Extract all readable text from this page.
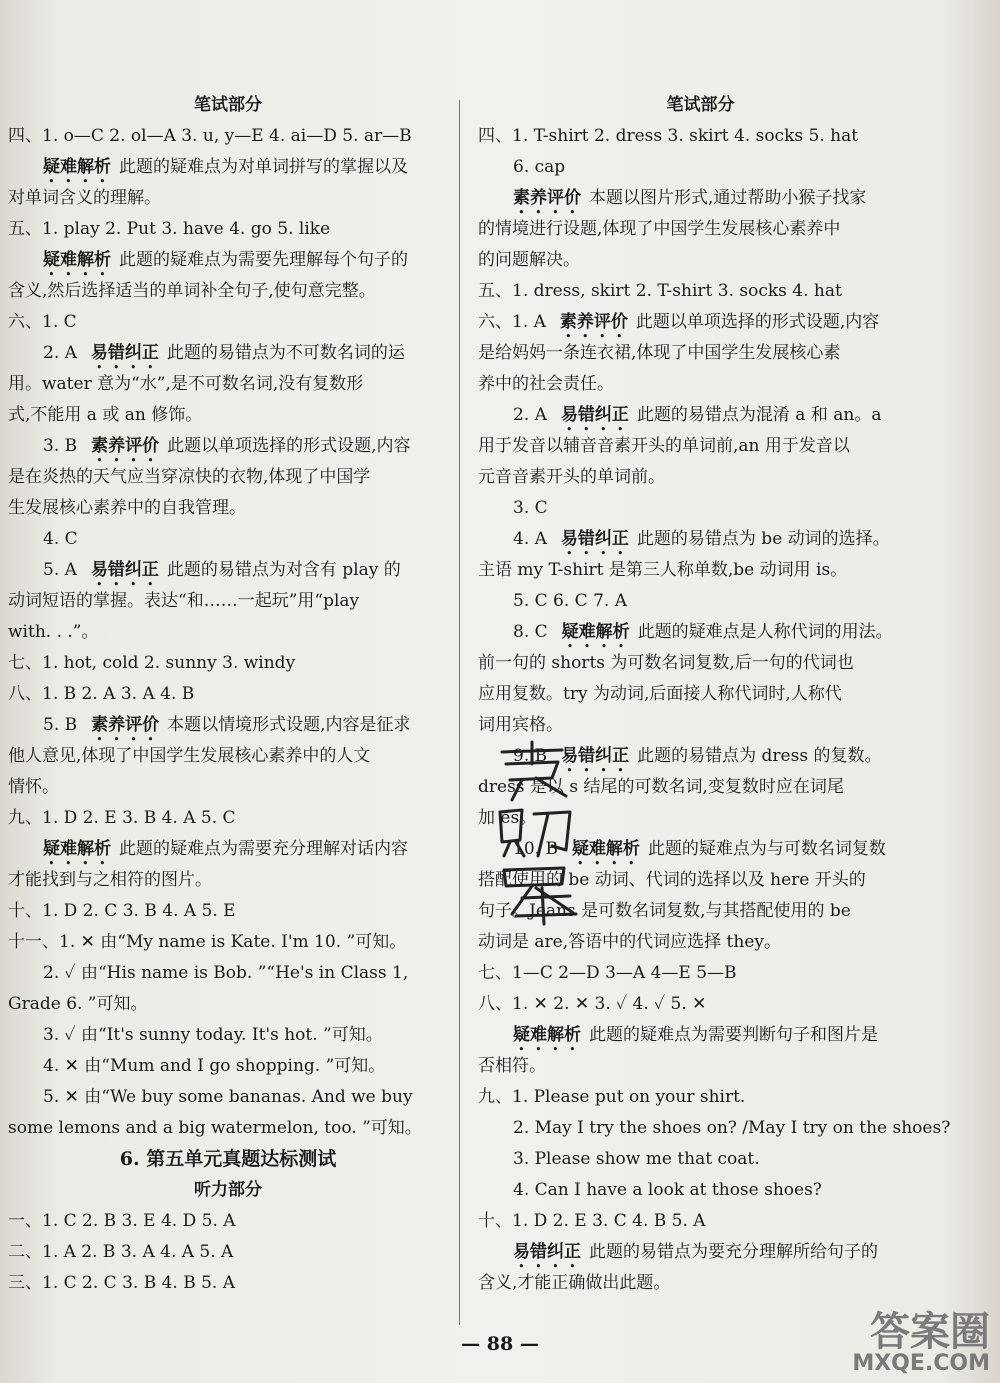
笔试部分
四、1. o—C 2. ol—A 3. u, y—E 4. ai—D 5. ar—B
疑难解析 此题的疑难点为对单词拼写的掌握以及
对单词含义的理解。
五、1. play 2. Put 3. have 4. go 5. like
疑难解析 此题的疑难点为需要先理解每个句子的
含义,然后选择适当的单词补全句子,使句意完整。
六、1. C
2. A 易错纠正 此题的易错点为不可数名词的运
用。water 意为“水”,是不可数名词,没有复数形
式,不能用 a 或 an 修饰。
3. B 素养评价 此题以单项选择的形式设题,内容
是在炎热的天气应当穿凉快的衣物,体现了中国学
生发展核心素养中的自我管理。
4. C
5. A 易错纠正 此题的易错点为对含有 play 的
动词短语的掌握。表达“和……一起玩”用“play
with. . .”。
七、1. hot, cold 2. sunny 3. windy
八、1. B 2. A 3. A 4. B
5. B 素养评价 本题以情境形式设题,内容是征求
他人意见,体现了中国学生发展核心素养中的人文
情怀。
九、1. D 2. E 3. B 4. A 5. C
疑难解析 此题的疑难点为需要充分理解对话内容
才能找到与之相符的图片。
十、1. D 2. C 3. B 4. A 5. E
十一、1. ✕ 由“My name is Kate. I'm 10. ”可知。
2. ✓ 由“His name is Bob. ”“He's in Class 1,
Grade 6. ”可知。
3. ✓ 由“It's sunny today. It's hot. ”可知。
4. ✕ 由“Mum and I go shopping. ”可知。
5. ✕ 由“We buy some bananas. And we buy
some lemons and a big watermelon, too. ”可知。
6. 第五单元真题达标测试
听力部分
一、1. C 2. B 3. E 4. D 5. A
二、1. A 2. B 3. A 4. A 5. A
三、1. C 2. C 3. B 4. B 5. A
笔试部分
四、1. T-shirt 2. dress 3. skirt 4. socks 5. hat
6. cap
素养评价 本题以图片形式,通过帮助小猴子找家
的情境进行设题,体现了中国学生发展核心素养中
的问题解决。
五、1. dress, skirt 2. T-shirt 3. socks 4. hat
六、1. A 素养评价 此题以单项选择的形式设题,内容
是给妈妈一条连衣裙,体现了中国学生发展核心素
养中的社会责任。
2. A 易错纠正 此题的易错点为混淆 a 和 an。a
用于发音以辅音音素开头的单词前,an 用于发音以
元音音素开头的单词前。
3. C
4. A 易错纠正 此题的易错点为 be 动词的选择。
主语 my T-shirt 是第三人称单数,be 动词用 is。
5. C 6. C 7. A
8. C 疑难解析 此题的疑难点是人称代词的用法。
前一句的 shorts 为可数名词复数,后一句的代词也
应用复数。try 为动词,后面接人称代词时,人称代
词用宾格。
9. B 易错纠正 此题的易错点为 dress 的复数。
dress 是以 s 结尾的可数名词,变复数时应在词尾
加 es。
10. B 疑难解析 此题的疑难点为与可数名词复数
搭配使用的 be 动词、代词的选择以及 here 开头的
句子。Jeans 是可数名词复数,与其搭配使用的 be
动词是 are,答语中的代词应选择 they。
七、1—C 2—D 3—A 4—E 5—B
八、1. ✕ 2. ✕ 3. ✓ 4. ✓ 5. ✕
疑难解析 此题的疑难点为需要判断句子和图片是
否相符。
九、1. Please put on your shirt.
2. May I try the shoes on? /May I try on the shoes?
3. Please show me that coat.
4. Can I have a look at those shoes?
十、1. D 2. E 3. C 4. B 5. A
易错纠正 此题的易错点为要充分理解所给句子的
含义,才能正确做出此题。
— 88 —	答案圈
MXQE.COM
